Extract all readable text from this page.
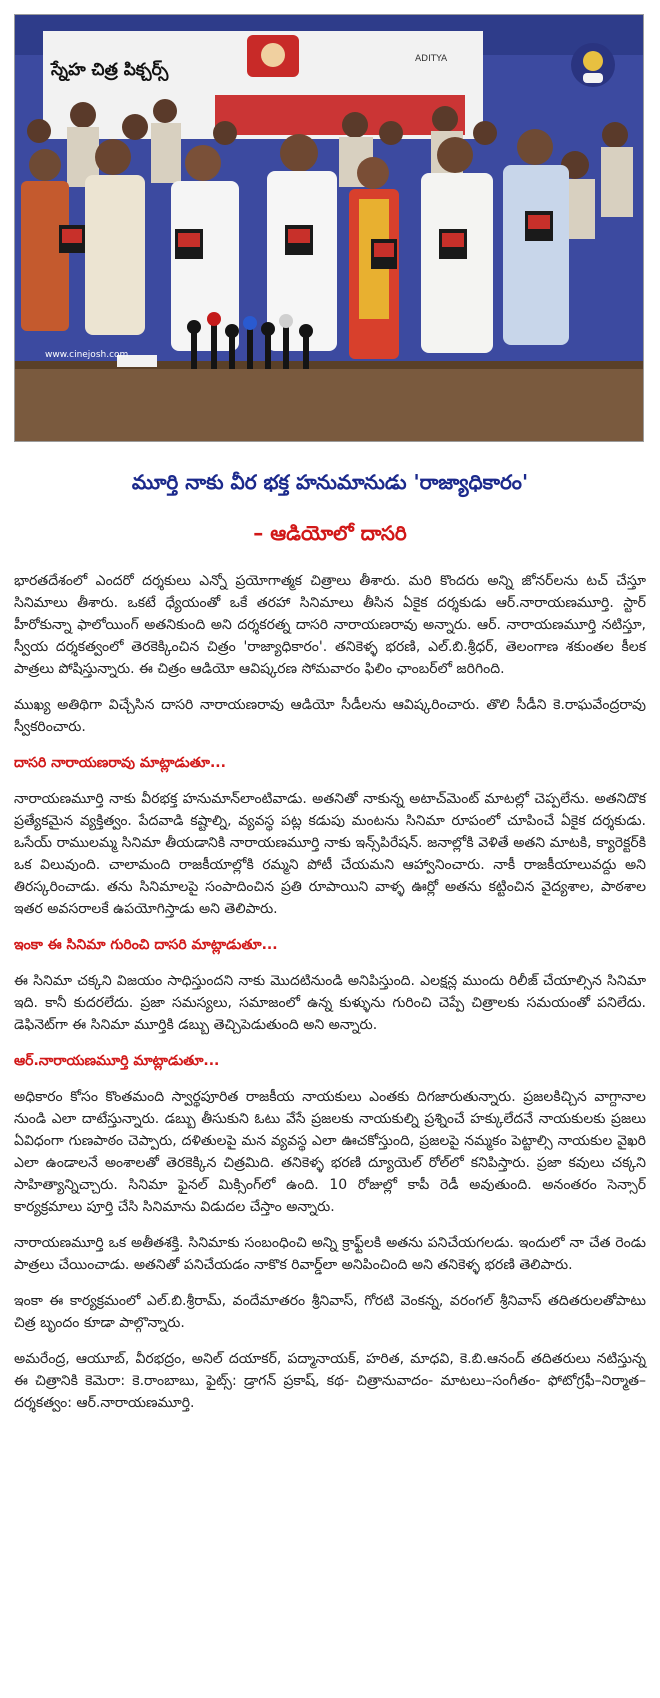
స్నేహ చిత్ర పిక్చర్స్
ADITYA
www.cinejosh.com
మూర్తి నాకు వీర భక్త హనుమానుడు 'రాజ్యాధికారం'
– ఆడియోలో దాసరి

భారతదేశంలో ఎందరో దర్శకులు ఎన్నో ప్రయోగాత్మక చిత్రాలు తీశారు. మరి కొందరు అన్ని జోనర్‌లను టచ్ చేస్తూ సినిమాలు తీశారు. ఒకటే ధ్యేయంతో ఒకే తరహా సినిమాలు తీసిన ఏకైక దర్శకుడు ఆర్.నారాయణమూర్తి. స్టార్ హీరోకున్నా ఫాలోయింగ్ అతనికుంది అని దర్శకరత్న దాసరి నారాయణరావు అన్నారు. ఆర్. నారాయణమూర్తి నటిస్తూ, స్వీయ దర్శకత్వంలో తెరకెక్కించిన చిత్రం 'రాజ్యాధికారం'. తనికెళ్ళ భరణి, ఎల్.బి.శ్రీధర్, తెలంగాణ శకుంతల కీలక పాత్రలు పోషిస్తున్నారు. ఈ చిత్రం ఆడియో ఆవిష్కరణ సోమవారం ఫిలిం ఛాంబర్‌లో జరిగింది.

ముఖ్య అతిథిగా విచ్చేసిన దాసరి నారాయణరావు ఆడియో సీడీలను ఆవిష్కరించారు. తొలి సీడీని కె.రాఘవేంద్రరావు స్వీకరించారు.

దాసరి నారాయణరావు మాట్లాడుతూ...

నారాయణమూర్తి నాకు వీరభక్త హనుమాన్‌లాంటివాడు. అతనితో నాకున్న అటాచ్‌మెంట్ మాటల్లో చెప్పలేను. అతనిదొక ప్రత్యేకమైన వ్యక్తిత్వం. పేదవాడి కష్టాల్ని, వ్యవస్థ పట్ల కడుపు మంటను సినిమా రూపంలో చూపించే ఏకైక దర్శకుడు. ఒసేయ్ రాములమ్మ సినిమా తీయడానికి నారాయణమూర్తి నాకు ఇన్స్‌పిరేషన్. జనాల్లోకి వెళితే అతని మాటకి, క్యారెక్టర్‌కి ఒక విలువుంది. చాలామంది రాజకీయాల్లోకి రమ్మని పోటీ చేయమని ఆహ్వానించారు. నాకీ రాజకీయాలువద్దు అని తిరస్కరించాడు. తను సినిమాలపై సంపాదించిన ప్రతి రూపాయిని వాళ్ళ ఊర్లో అతను కట్టించిన వైద్యశాల, పాఠశాల ఇతర అవసరాలకే ఉపయోగిస్తాడు అని తెలిపారు.

ఇంకా ఈ సినిమా గురించి దాసరి మాట్లాడుతూ...

ఈ సినిమా చక్కని విజయం సాధిస్తుందని నాకు మొదటినుండి అనిపిస్తుంది. ఎలక్షన్ల ముందు రిలీజ్ చేయాల్సిన సినిమా ఇది. కానీ కుదరలేదు. ప్రజా సమస్యలు, సమాజంలో ఉన్న కుళ్ళును గురించి చెప్పే చిత్రాలకు సమయంతో పనిలేదు. డెఫినెట్‌గా ఈ సినిమా మూర్తికి డబ్బు తెచ్చిపెడుతుంది అని అన్నారు.

ఆర్.నారాయణమూర్తి మాట్లాడుతూ...

అధికారం కోసం కొంతమంది స్వార్థపూరిత రాజకీయ నాయకులు ఎంతకు దిగజారుతున్నారు. ప్రజలకిచ్చిన వాగ్దానాల నుండి ఎలా దాటేస్తున్నారు. డబ్బు తీసుకుని ఓటు వేసే ప్రజలకు నాయకుల్ని ప్రశ్నించే హక్కులేదనే నాయకులకు ప్రజలు ఏవిధంగా గుణపాఠం చెప్పారు, దళితులపై మన వ్యవస్థ ఎలా ఊచకోస్తుంది, ప్రజలపై నమ్మకం పెట్టాల్సి నాయకుల వైఖరి ఎలా ఉండాలనే అంశాలతో తెరకెక్కిన చిత్రమిది. తనికెళ్ళ భరణి ద్యూయెల్ రోల్‌లో కనిపిస్తారు. ప్రజా కవులు చక్కని సాహిత్యాన్నిచ్చారు. సినిమా ఫైనల్ మిక్సింగ్‌లో ఉంది. 10 రోజుల్లో కాపీ రెడీ అవుతుంది. అనంతరం సెన్సార్ కార్యక్రమాలు పూర్తి చేసి సినిమాను విడుదల చేస్తాం అన్నారు.

నారాయణమూర్తి ఒక అతీతశక్తి. సినిమాకు సంబంధించి అన్ని క్రాఫ్ట్‌లకి అతను పనిచేయగలడు. ఇందులో నా చేత రెండు పాత్రలు చేయించాడు. అతనితో పనిచేయడం నాకొక రివార్డ్‌లా అనిపించింది అని తనికెళ్ళ భరణి తెలిపారు.

ఇంకా ఈ కార్యక్రమంలో ఎల్.బి.శ్రీరామ్, వందేమాతరం శ్రీనివాస్, గోరటి వెంకన్న, వరంగల్ శ్రీనివాస్ తదితరులతోపాటు చిత్ర బృందం కూడా పాల్గొన్నారు.

అమరేంద్ర, ఆయూబ్, వీరభద్రం, అనిల్ దయాకర్, పద్మానాయక్, హరిత, మాధవి, కె.బి.ఆనంద్ తదితరులు నటిస్తున్న ఈ చిత్రానికి కెమెరా: కె.రాంబాబు, ఫైట్స్: డ్రాగన్ ప్రకాష్, కథ- చిత్రానువాదం- మాటలు–సంగీతం- ఫోటోగ్రఫీ–నిర్మాత–దర్శకత్వం: ఆర్.నారాయణమూర్తి.
